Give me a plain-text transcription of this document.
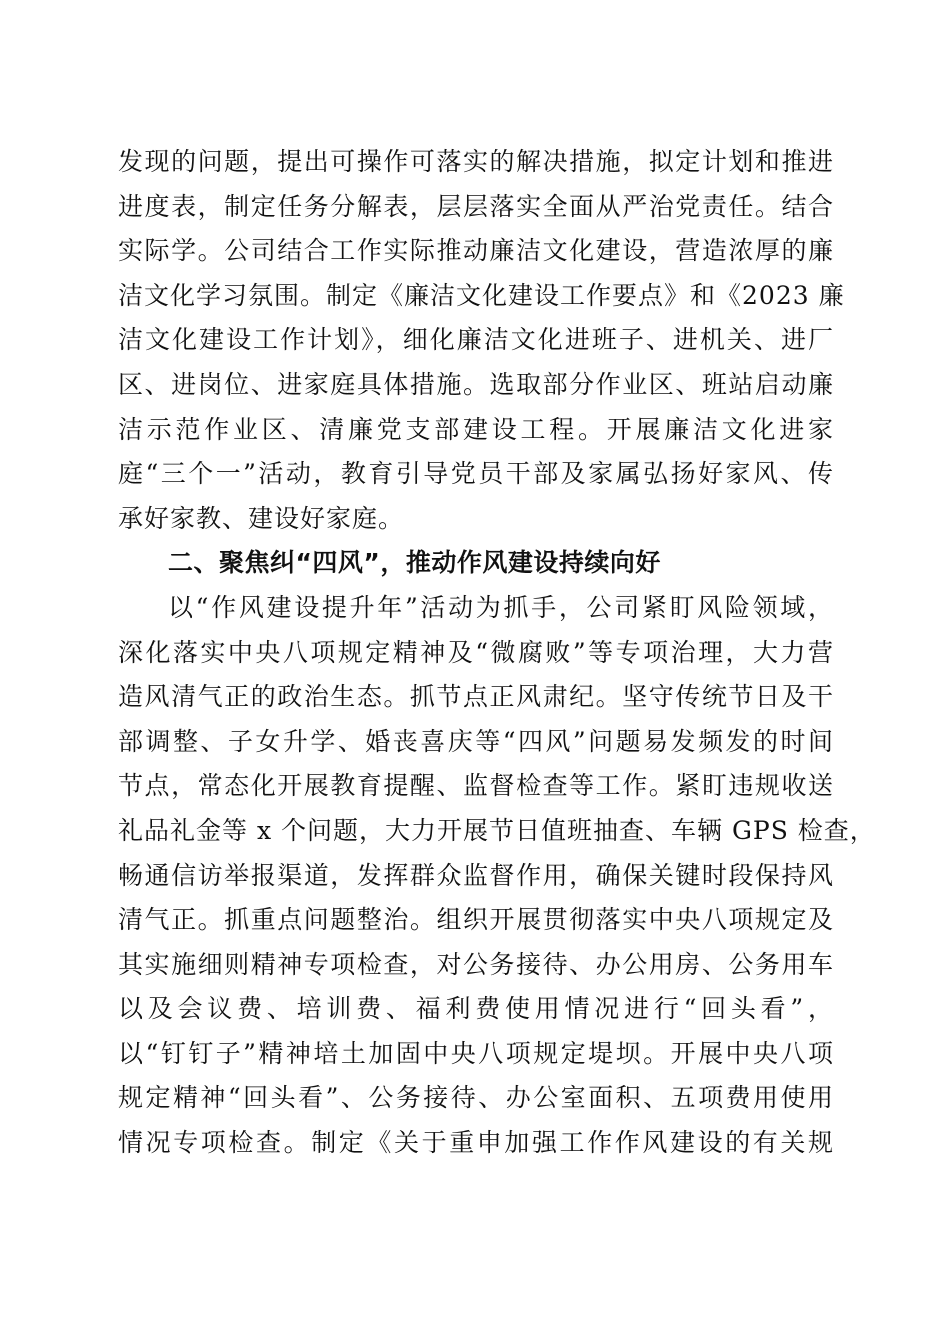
发现的问题，提出可操作可落实的解决措施，拟定计划和推进
进度表，制定任务分解表，层层落实全面从严治党责任。结合
实际学。公司结合工作实际推动廉洁文化建设，营造浓厚的廉
洁文化学习氛围。制定《廉洁文化建设工作要点》和《2023 廉
洁文化建设工作计划》，细化廉洁文化进班子、进机关、进厂
区、进岗位、进家庭具体措施。选取部分作业区、班站启动廉
洁示范作业区、清廉党支部建设工程。开展廉洁文化进家
庭“三个一”活动，教育引导党员干部及家属弘扬好家风、传
承好家教、建设好家庭。
二、聚焦纠“四风”，推动作风建设持续向好
以“作风建设提升年”活动为抓手，公司紧盯风险领域，
深化落实中央八项规定精神及“微腐败”等专项治理，大力营
造风清气正的政治生态。抓节点正风肃纪。坚守传统节日及干
部调整、子女升学、婚丧喜庆等“四风”问题易发频发的时间
节点，常态化开展教育提醒、监督检查等工作。紧盯违规收送
礼品礼金等 x 个问题，大力开展节日值班抽查、车辆 GPS 检查，
畅通信访举报渠道，发挥群众监督作用，确保关键时段保持风
清气正。抓重点问题整治。组织开展贯彻落实中央八项规定及
其实施细则精神专项检查，对公务接待、办公用房、公务用车
以及会议费、培训费、福利费使用情况进行“回头看”，
以“钉钉子”精神培土加固中央八项规定堤坝。开展中央八项
规定精神“回头看”、公务接待、办公室面积、五项费用使用
情况专项检查。制定《关于重申加强工作作风建设的有关规
